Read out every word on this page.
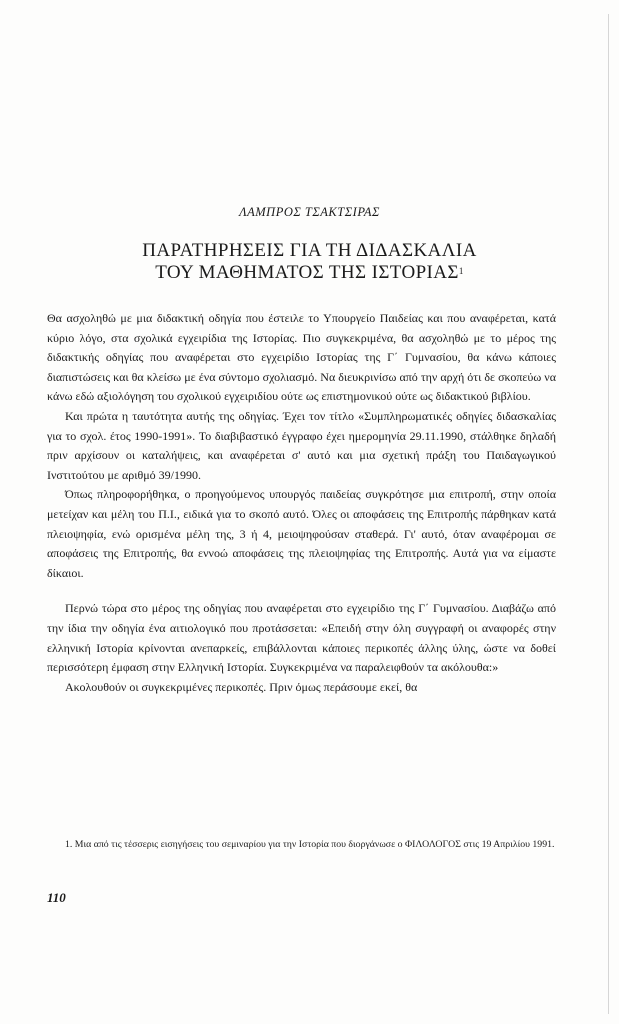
ΛΑΜΠΡΟΣ ΤΣΑΚΤΣΙΡΑΣ
ΠΑΡΑΤΗΡΗΣΕΙΣ ΓΙΑ ΤΗ ΔΙΔΑΣΚΑΛΙΑ
ΤΟΥ ΜΑΘΗΜΑΤΟΣ ΤΗΣ ΙΣΤΟΡΙΑΣ$^1$

Θα ασχοληθώ με μια διδακτική οδηγία που έστειλε το Υπουργείο Παιδείας και που αναφέρεται, κατά κύριο λόγο, στα σχολικά εγχειρίδια της Ιστορίας. Πιο συγκεκριμένα, θα ασχοληθώ με το μέρος της διδακτικής οδηγίας που αναφέρεται στο εγχειρίδιο Ιστορίας της Γ΄ Γυμνασίου, θα κάνω κάποιες διαπιστώσεις και θα κλείσω με ένα σύντομο σχολιασμό. Να διευκρινίσω από την αρχή ότι δε σκοπεύω να κάνω εδώ αξιολόγηση του σχολικού εγχειριδίου ούτε ως επιστημονικού ούτε ως διδακτικού βιβλίου.

Και πρώτα η ταυτότητα αυτής της οδηγίας. Έχει τον τίτλο «Συμπληρωματικές οδηγίες διδασκαλίας για το σχολ. έτος 1990-1991». Το διαβιβαστικό έγγραφο έχει ημερομηνία 29.11.1990, στάλθηκε δηλαδή πριν αρχίσουν οι καταλήψεις, και αναφέρεται σ' αυτό και μια σχετική πράξη του Παιδαγωγικού Ινστιτούτου με αριθμό 39/1990.

Όπως πληροφορήθηκα, ο προηγούμενος υπουργός παιδείας συγκρότησε μια επιτροπή, στην οποία μετείχαν και μέλη του Π.Ι., ειδικά για το σκοπό αυτό. Όλες οι αποφάσεις της Επιτροπής πάρθηκαν κατά πλειοψηφία, ενώ ορισμένα μέλη της, 3 ή 4, μειοψηφούσαν σταθερά. Γι' αυτό, όταν αναφέρομαι σε αποφάσεις της Επιτροπής, θα εννοώ αποφάσεις της πλειοψηφίας της Επιτροπής. Αυτά για να είμαστε δίκαιοι.

Περνώ τώρα στο μέρος της οδηγίας που αναφέρεται στο εγχειρίδιο της Γ΄ Γυμνασίου. Διαβάζω από την ίδια την οδηγία ένα αιτιολογικό που προτάσσεται: «Επειδή στην όλη συγγραφή οι αναφορές στην ελληνική Ιστορία κρίνονται ανεπαρκείς, επιβάλλονται κάποιες περικοπές άλλης ύλης, ώστε να δοθεί περισσότερη έμφαση στην Ελληνική Ιστορία. Συγκεκριμένα να παραλειφθούν τα ακόλουθα:»

Ακολουθούν οι συγκεκριμένες περικοπές. Πριν όμως περάσουμε εκεί, θα

1. Μια από τις τέσσερις εισηγήσεις του σεμιναρίου για την Ιστορία που διοργάνωσε ο ΦΙΛΟΛΟΓΟΣ στις 19 Απριλίου 1991.

110
